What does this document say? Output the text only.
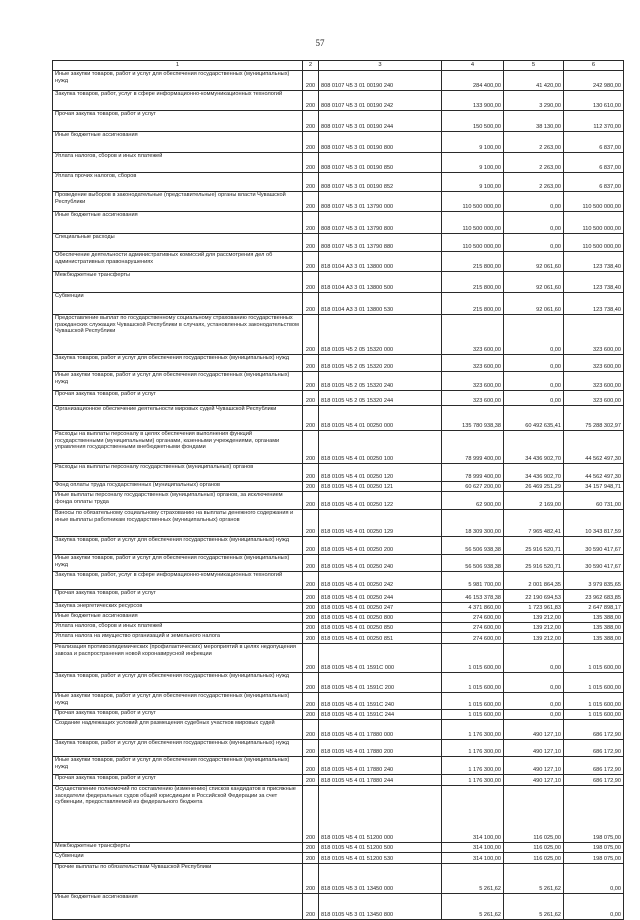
57
1	2	3	4	5	6
Иные закупки товаров, работ и услуг для обеспечения государственных (муниципальных) нужд	200	808 0107 Ч5 3 01 00190 240	284 400,00	41 420,00	242 980,00
Закупка товаров, работ, услуг в сфере информационно-коммуникационных технологий	200	808 0107 Ч5 3 01 00190 242	133 900,00	3 290,00	130 610,00
Прочая закупка товаров, работ и услуг	200	808 0107 Ч5 3 01 00190 244	150 500,00	38 130,00	112 370,00
Иные бюджетные ассигнования	200	808 0107 Ч5 3 01 00190 800	9 100,00	2 263,00	6 837,00
Уплата налогов, сборов и иных платежей	200	808 0107 Ч5 3 01 00190 850	9 100,00	2 263,00	6 837,00
Уплата прочих налогов, сборов	200	808 0107 Ч5 3 01 00190 852	9 100,00	2 263,00	6 837,00
Проведение выборов в законодательные (представительные) органы власти Чувашской Республики	200	808 0107 Ч5 3 01 13790 000	110 500 000,00	0,00	110 500 000,00
Иные бюджетные ассигнования	200	808 0107 Ч5 3 01 13790 800	110 500 000,00	0,00	110 500 000,00
Специальные расходы	200	808 0107 Ч5 3 01 13790 880	110 500 000,00	0,00	110 500 000,00
Обеспечение деятельности административных комиссий для рассмотрения дел об административных правонарушениях	200	818 0104 А3 3 01 13800 000	215 800,00	92 061,60	123 738,40
Межбюджетные трансферты	200	818 0104 А3 3 01 13800 500	215 800,00	92 061,60	123 738,40
Субвенции	200	818 0104 А3 3 01 13800 530	215 800,00	92 061,60	123 738,40
Предоставление выплат по государственному социальному страхованию государственных гражданских служащих Чувашской Республики в случаях, установленных законодательством Чувашской Республики	200	818 0105 Ч5 2 05 15320 000	323 600,00	0,00	323 600,00
Закупка товаров, работ и услуг для обеспечения государственных (муниципальных) нужд	200	818 0105 Ч5 2 05 15320 200	323 600,00	0,00	323 600,00
Иные закупки товаров, работ и услуг для обеспечения государственных (муниципальных) нужд	200	818 0105 Ч5 2 05 15320 240	323 600,00	0,00	323 600,00
Прочая закупка товаров, работ и услуг	200	818 0105 Ч5 2 05 15320 244	323 600,00	0,00	323 600,00
Организационное обеспечение деятельности мировых судей Чувашской Республики	200	818 0105 Ч5 4 01 00250 000	135 780 938,38	60 492 635,41	75 288 302,97
Расходы на выплаты персоналу в целях обеспечения выполнения функций государственными (муниципальными) органами, казенными учреждениями, органами управления государственными внебюджетными фондами	200	818 0105 Ч5 4 01 00250 100	78 999 400,00	34 436 902,70	44 562 497,30
Расходы на выплаты персоналу государственных (муниципальных) органов	200	818 0105 Ч5 4 01 00250 120	78 999 400,00	34 436 902,70	44 562 497,30
Фонд оплаты труда государственных (муниципальных) органов	200	818 0105 Ч5 4 01 00250 121	60 627 200,00	26 469 251,29	34 157 948,71
Иные выплаты персоналу государственных (муниципальных) органов, за исключением фонда оплаты труда	200	818 0105 Ч5 4 01 00250 122	62 900,00	2 169,00	60 731,00
Взносы по обязательному социальному страхованию на выплаты денежного содержания и иные выплаты работникам государственных (муниципальных) органов	200	818 0105 Ч5 4 01 00250 129	18 309 300,00	7 965 482,41	10 343 817,59
Закупка товаров, работ и услуг для обеспечения государственных (муниципальных) нужд	200	818 0105 Ч5 4 01 00250 200	56 506 938,38	25 916 520,71	30 590 417,67
Иные закупки товаров, работ и услуг для обеспечения государственных (муниципальных) нужд	200	818 0105 Ч5 4 01 00250 240	56 506 938,38	25 916 520,71	30 590 417,67
Закупка товаров, работ, услуг в сфере информационно-коммуникационных технологий	200	818 0105 Ч5 4 01 00250 242	5 981 700,00	2 001 864,35	3 979 835,65
Прочая закупка товаров, работ и услуг	200	818 0105 Ч5 4 01 00250 244	46 153 378,38	22 190 694,53	23 962 683,85
Закупка энергетических ресурсов	200	818 0105 Ч5 4 01 00250 247	4 371 860,00	1 723 961,83	2 647 898,17
Иные бюджетные ассигнования	200	818 0105 Ч5 4 01 00250 800	274 600,00	139 212,00	135 388,00
Уплата налогов, сборов и иных платежей	200	818 0105 Ч5 4 01 00250 850	274 600,00	139 212,00	135 388,00
Уплата налога на имущество организаций и земельного налога	200	818 0105 Ч5 4 01 00250 851	274 600,00	139 212,00	135 388,00
Реализация противоэпидемических (профилактических) мероприятий в целях недопущения завоза и распространения новой коронавирусной инфекции	200	818 0105 Ч5 4 01 1591С 000	1 015 600,00	0,00	1 015 600,00
Закупка товаров, работ и услуг для обеспечения государственных (муниципальных) нужд	200	818 0105 Ч5 4 01 1591С 200	1 015 600,00	0,00	1 015 600,00
Иные закупки товаров, работ и услуг для обеспечения государственных (муниципальных) нужд	200	818 0105 Ч5 4 01 1591С 240	1 015 600,00	0,00	1 015 600,00
Прочая закупка товаров, работ и услуг	200	818 0105 Ч5 4 01 1591С 244	1 015 600,00	0,00	1 015 600,00
Создание надлежащих условий для размещения судебных участков мировых судей	200	818 0105 Ч5 4 01 17880 000	1 176 300,00	490 127,10	686 172,90
Закупка товаров, работ и услуг для обеспечения государственных (муниципальных) нужд	200	818 0105 Ч5 4 01 17880 200	1 176 300,00	490 127,10	686 172,90
Иные закупки товаров, работ и услуг для обеспечения государственных (муниципальных) нужд	200	818 0105 Ч5 4 01 17880 240	1 176 300,00	490 127,10	686 172,90
Прочая закупка товаров, работ и услуг	200	818 0105 Ч5 4 01 17880 244	1 176 300,00	490 127,10	686 172,90
Осуществление полномочий по составлению (изменению) списков кандидатов в присяжные заседатели федеральных судов общей юрисдикции в Российской Федерации за счет субвенции, предоставляемой из федерального бюджета	200	818 0105 Ч5 4 01 51200 000	314 100,00	116 025,00	198 075,00
Межбюджетные трансферты	200	818 0105 Ч5 4 01 51200 500	314 100,00	116 025,00	198 075,00
Субвенции	200	818 0105 Ч5 4 01 51200 530	314 100,00	116 025,00	198 075,00
Прочие выплаты по обязательствам Чувашской Республики	200	818 0105 Ч5 3 01 13450 000	5 261,62	5 261,62	0,00
Иные бюджетные ассигнования	200	818 0105 Ч5 3 01 13450 800	5 261,62	5 261,62	0,00
